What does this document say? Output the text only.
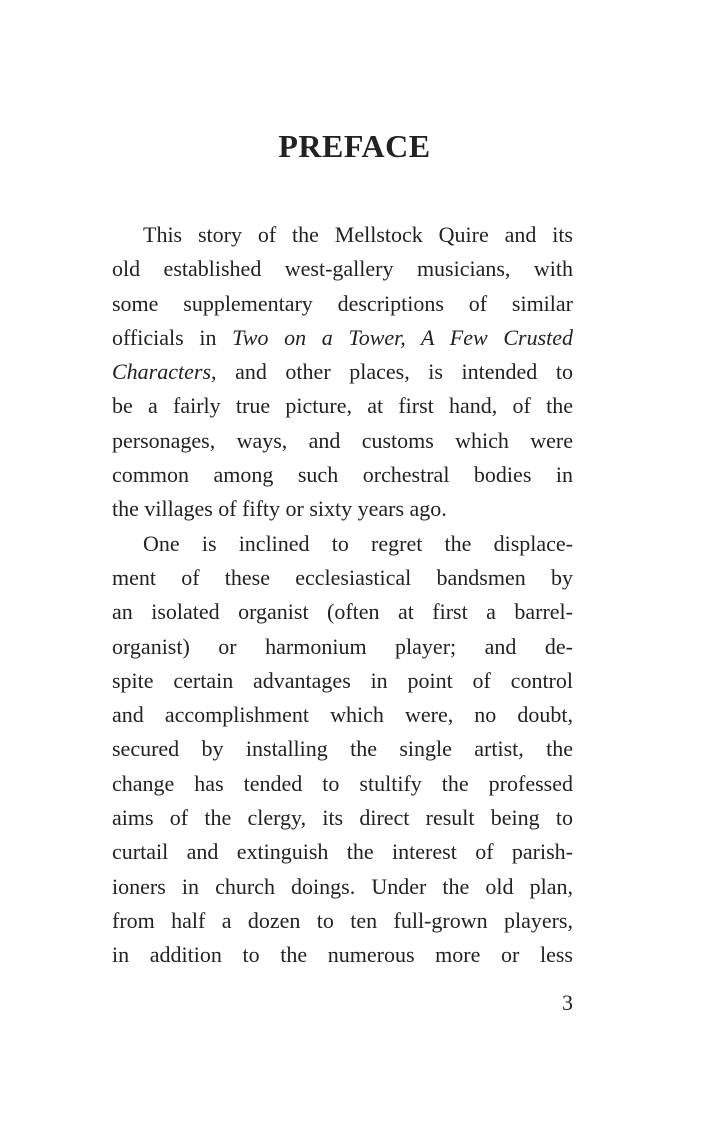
PREFACE
This story of the Mellstock Quire and its
old established west-gallery musicians, with
some supplementary descriptions of similar
officials in Two on a Tower, A Few Crusted
Characters, and other places, is intended to
be a fairly true picture, at first hand, of the
personages, ways, and customs which were
common among such orchestral bodies in
the villages of fifty or sixty years ago.
One is inclined to regret the displace-
ment of these ecclesiastical bandsmen by
an isolated organist (often at first a barrel-
organist) or harmonium player; and de-
spite certain advantages in point of control
and accomplishment which were, no doubt,
secured by installing the single artist, the
change has tended to stultify the professed
aims of the clergy, its direct result being to
curtail and extinguish the interest of parish-
ioners in church doings. Under the old plan,
from half a dozen to ten full-grown players,
in addition to the numerous more or less
3
